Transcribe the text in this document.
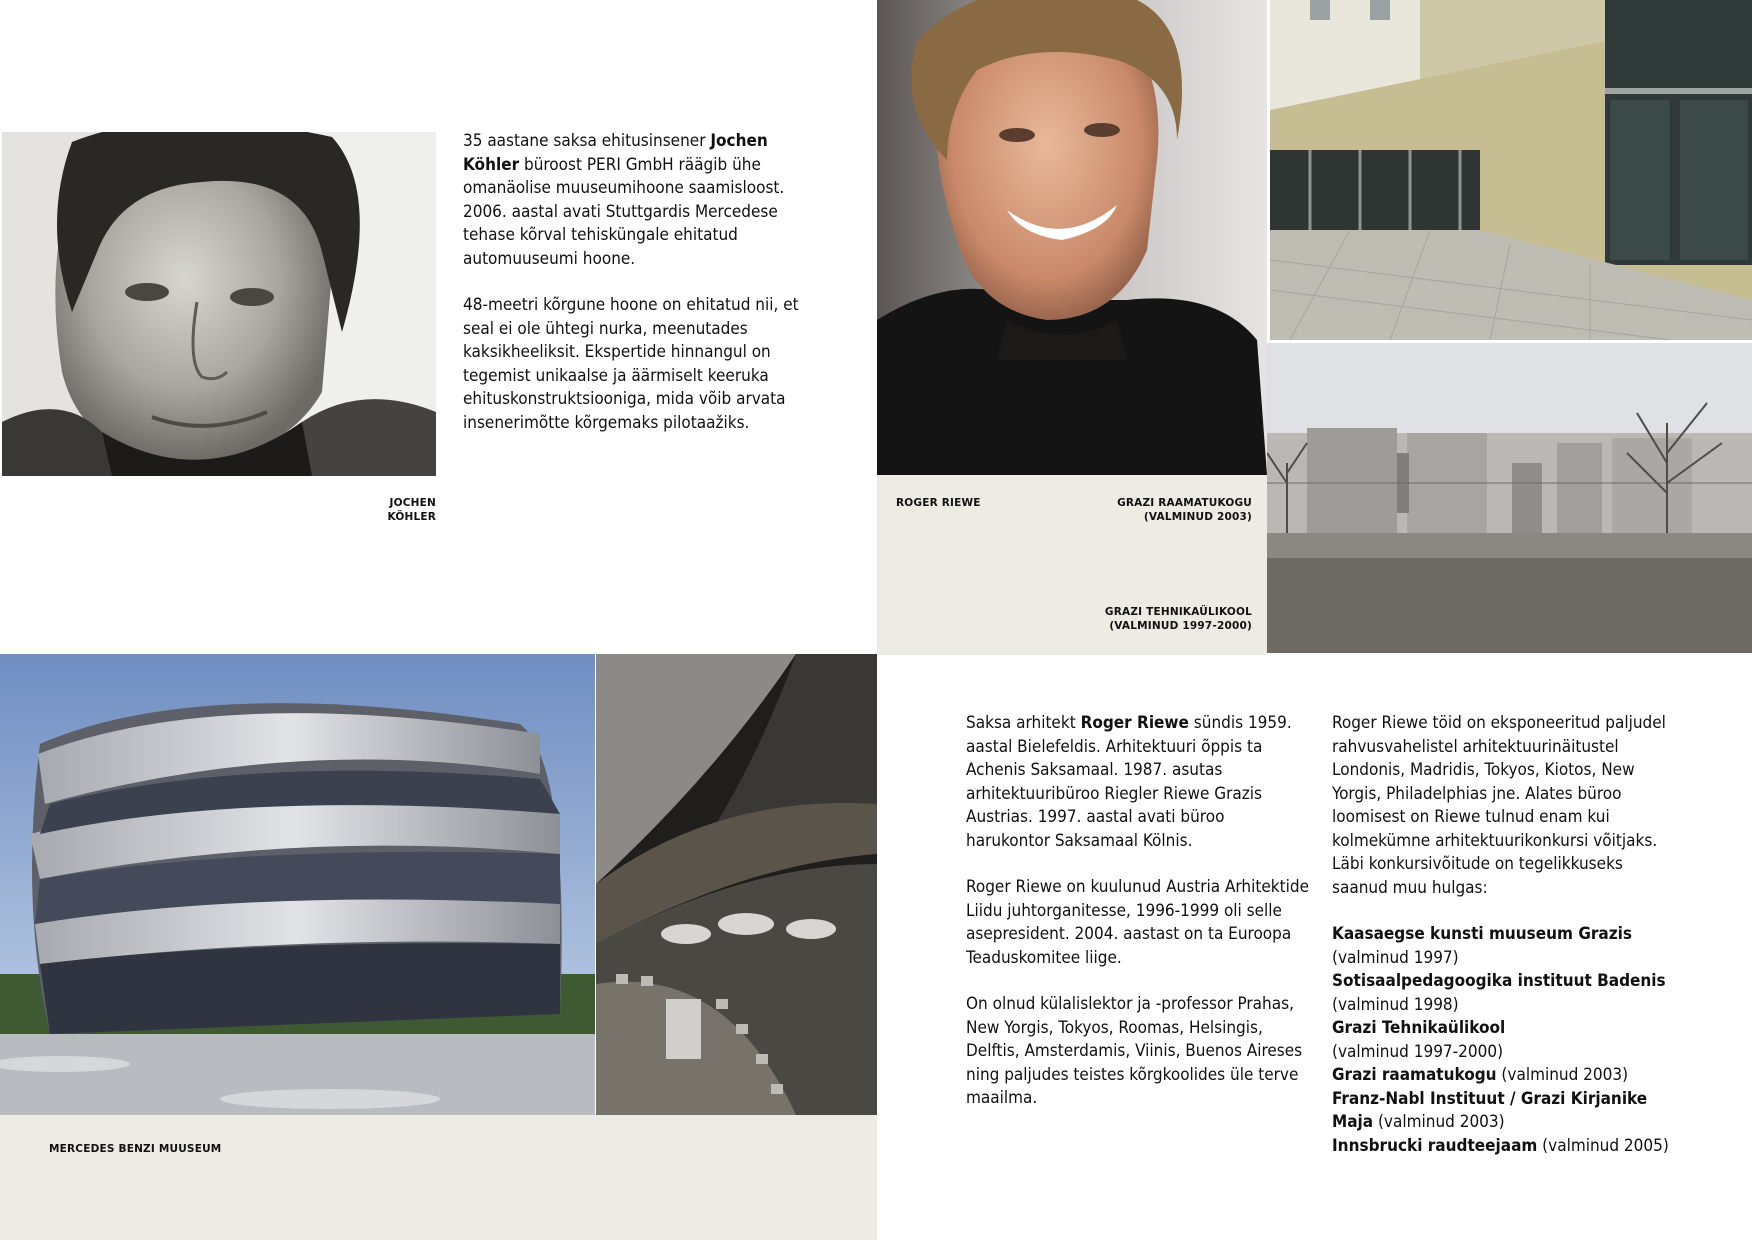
JOCHEN KÖHLER

35 aastane saksa ehitusinsener Jochen Köhler büroost PERI GmbH räägib ühe omanäolise muuseumihoone saamisloost. 2006. aastal avati Stuttgardis Mercedese tehase kõrval tehisküngale ehitatud automuuseumi hoone.

48-meetri kõrgune hoone on ehitatud nii, et seal ei ole ühtegi nurka, meenutades kaksikheeliksit. Ekspertide hinnangul on tegemist unikaalse ja äärmiselt keeruka ehituskonstruktsiooniga, mida võib arvata insenerimõtte kõrgemaks pilotaažiks.

ROGER RIEWE	GRAZI RAAMATUKOGU
(VALMINUD 2003)
GRAZI TEHNIKAÜLIKOOL
(VALMINUD 1997-2000)
MERCEDES BENZI MUUSEUM

Saksa arhitekt Roger Riewe sündis 1959. aastal Bielefeldis. Arhitektuuri õppis ta Achenis Saksamaal. 1987. asutas arhitektuuribüroo Riegler Riewe Grazis Austrias. 1997. aastal avati büroo harukontor Saksamaal Kölnis.

Roger Riewe on kuulunud Austria Arhitektide Liidu juhtorganitesse, 1996-1999 oli selle asepresident. 2004. aastast on ta Euroopa Teaduskomitee liige.

On olnud külalislektor ja -professor Prahas, New Yorgis, Tokyos, Roomas, Helsingis, Delftis, Amsterdamis, Viinis, Buenos Aireses ning paljudes teistes kõrgkoolides üle terve maailma.

Roger Riewe töid on eksponeeritud paljudel rahvusvahelistel arhitektuurinäitustel Londonis, Madridis, Tokyos, Kiotos, New Yorgis, Philadelphias jne. Alates büroo loomisest on Riewe tulnud enam kui kolmekümne arhitektuurikonkursi võitjaks.
Läbi konkursivõitude on tegelikkuseks saanud muu hulgas:
Kaasaegse kunsti muuseum Grazis
(valminud 1997)
Sotisaalpedagoogika instituut Badenis
(valminud 1998)
Grazi Tehnikaülikool
(valminud 1997-2000)
Grazi raamatukogu (valminud 2003)
Franz-Nabl Instituut / Grazi Kirjanike Maja (valminud 2003)
Innsbrucki raudteejaam (valminud 2005)
